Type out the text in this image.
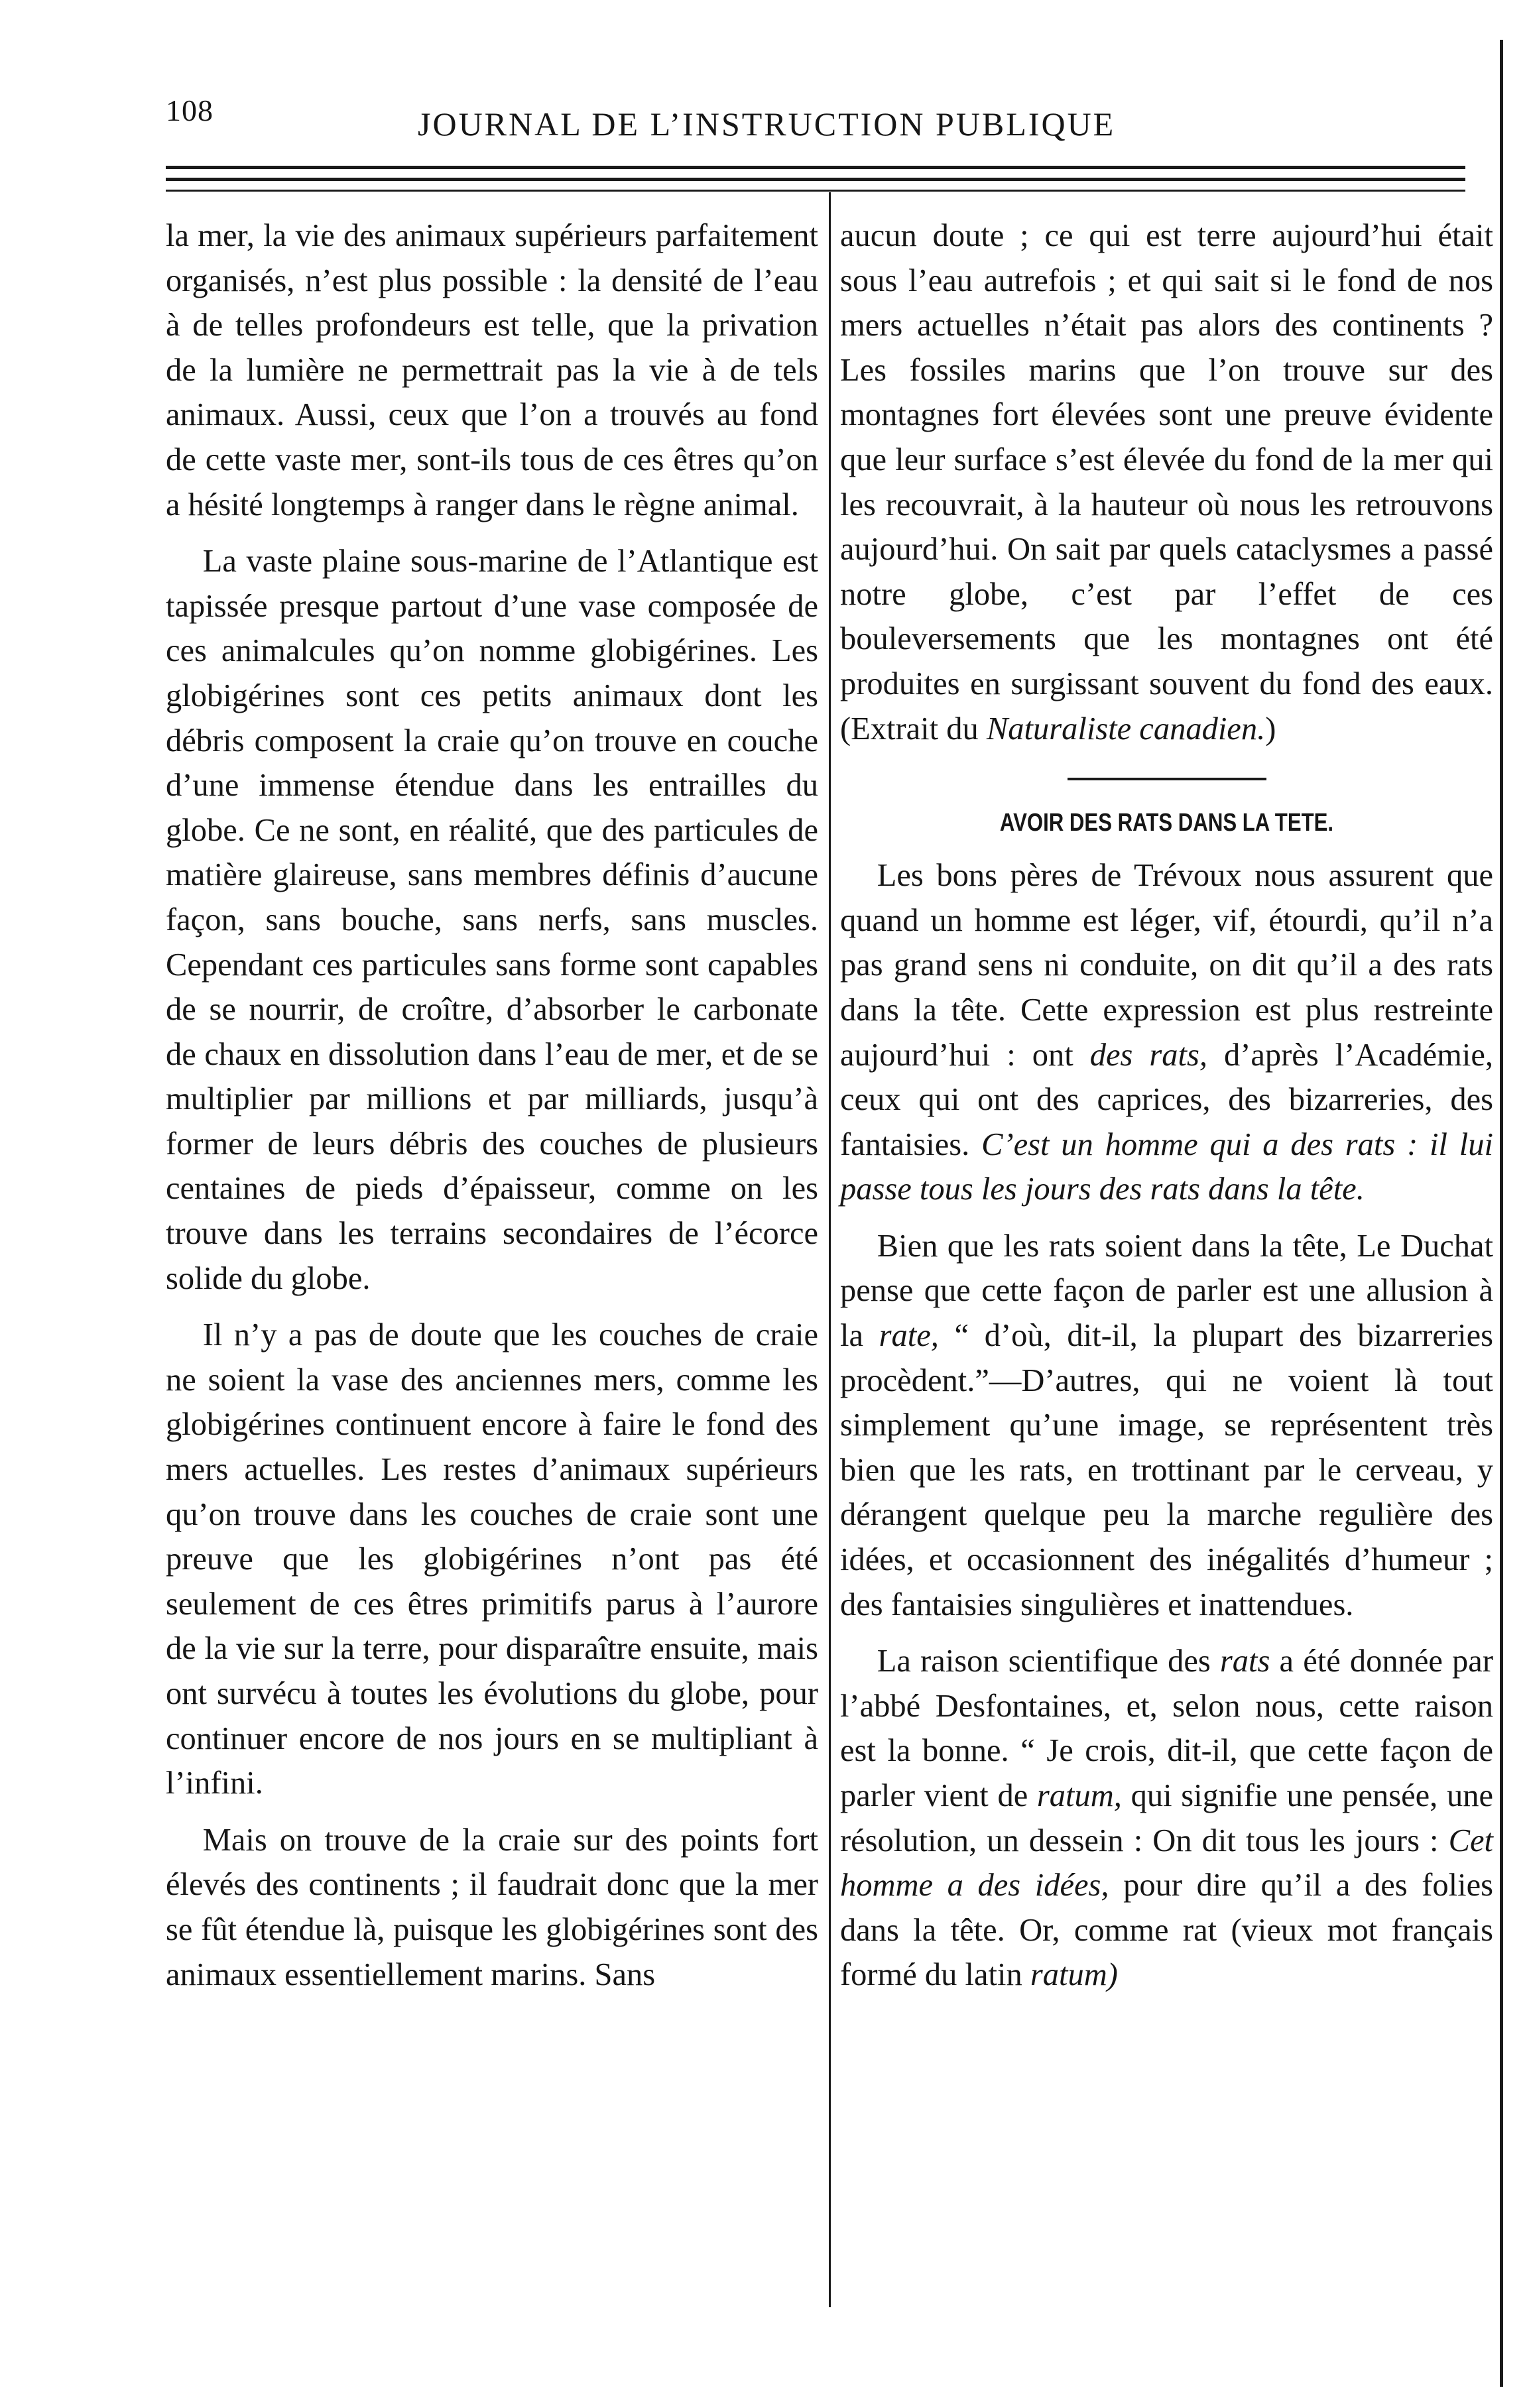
108	JOURNAL DE L’INSTRUCTION PUBLIQUE

la mer, la vie des animaux supérieurs parfaitement organisés, n’est plus possible : la densité de l’eau à de telles profondeurs est telle, que la privation de la lumière ne permettrait pas la vie à de tels animaux. Aussi, ceux que l’on a trouvés au fond de cette vaste mer, sont-ils tous de ces êtres qu’on a hésité longtemps à ranger dans le règne animal.

La vaste plaine sous-marine de l’Atlantique est tapissée presque partout d’une vase composée de ces animalcules qu’on nomme globigérines. Les globigérines sont ces petits animaux dont les débris composent la craie qu’on trouve en couche d’une immense étendue dans les entrailles du globe. Ce ne sont, en réalité, que des particules de matière glaireuse, sans membres définis d’aucune façon, sans bouche, sans nerfs, sans muscles. Cependant ces particules sans forme sont capables de se nourrir, de croître, d’absorber le carbonate de chaux en dissolution dans l’eau de mer, et de se multiplier par millions et par milliards, jusqu’à former de leurs débris des couches de plusieurs centaines de pieds d’épaisseur, comme on les trouve dans les terrains secondaires de l’écorce solide du globe.

Il n’y a pas de doute que les couches de craie ne soient la vase des anciennes mers, comme les globigérines continuent encore à faire le fond des mers actuelles. Les restes d’animaux supérieurs qu’on trouve dans les couches de craie sont une preuve que les globigérines n’ont pas été seulement de ces êtres primitifs parus à l’aurore de la vie sur la terre, pour disparaître ensuite, mais ont survécu à toutes les évolutions du globe, pour continuer encore de nos jours en se multipliant à l’infini.

Mais on trouve de la craie sur des points fort élevés des continents ; il faudrait donc que la mer se fût étendue là, puisque les globigérines sont des animaux essentiellement marins. Sans

aucun doute ; ce qui est terre aujourd’hui était sous l’eau autrefois ; et qui sait si le fond de nos mers actuelles n’était pas alors des continents ? Les fossiles marins que l’on trouve sur des montagnes fort élevées sont une preuve évidente que leur surface s’est élevée du fond de la mer qui les recouvrait, à la hauteur où nous les retrouvons aujourd’hui. On sait par quels cataclysmes a passé notre globe, c’est par l’effet de ces bouleversements que les montagnes ont été produites en surgissant souvent du fond des eaux. (Extrait du Naturaliste canadien.)

AVOIR DES RATS DANS LA TETE.

Les bons pères de Trévoux nous assurent que quand un homme est léger, vif, étourdi, qu’il n’a pas grand sens ni conduite, on dit qu’il a des rats dans la tête. Cette expression est plus restreinte aujourd’hui : ont des rats, d’après l’Académie, ceux qui ont des caprices, des bizarreries, des fantaisies. C’est un homme qui a des rats : il lui passe tous les jours des rats dans la tête.

Bien que les rats soient dans la tête, Le Duchat pense que cette façon de parler est une allusion à la rate, “ d’où, dit-il, la plupart des bizarreries procèdent.”—D’autres, qui ne voient là tout simplement qu’une image, se représentent très bien que les rats, en trottinant par le cerveau, y dérangent quelque peu la marche regulière des idées, et occasionnent des inégalités d’humeur ; des fantaisies singulières et inattendues.

La raison scientifique des rats a été donnée par l’abbé Desfontaines, et, selon nous, cette raison est la bonne. “ Je crois, dit-il, que cette façon de parler vient de ratum, qui signifie une pensée, une résolution, un dessein : On dit tous les jours : Cet homme a des idées, pour dire qu’il a des folies dans la tête. Or, comme rat (vieux mot français formé du latin ratum)
